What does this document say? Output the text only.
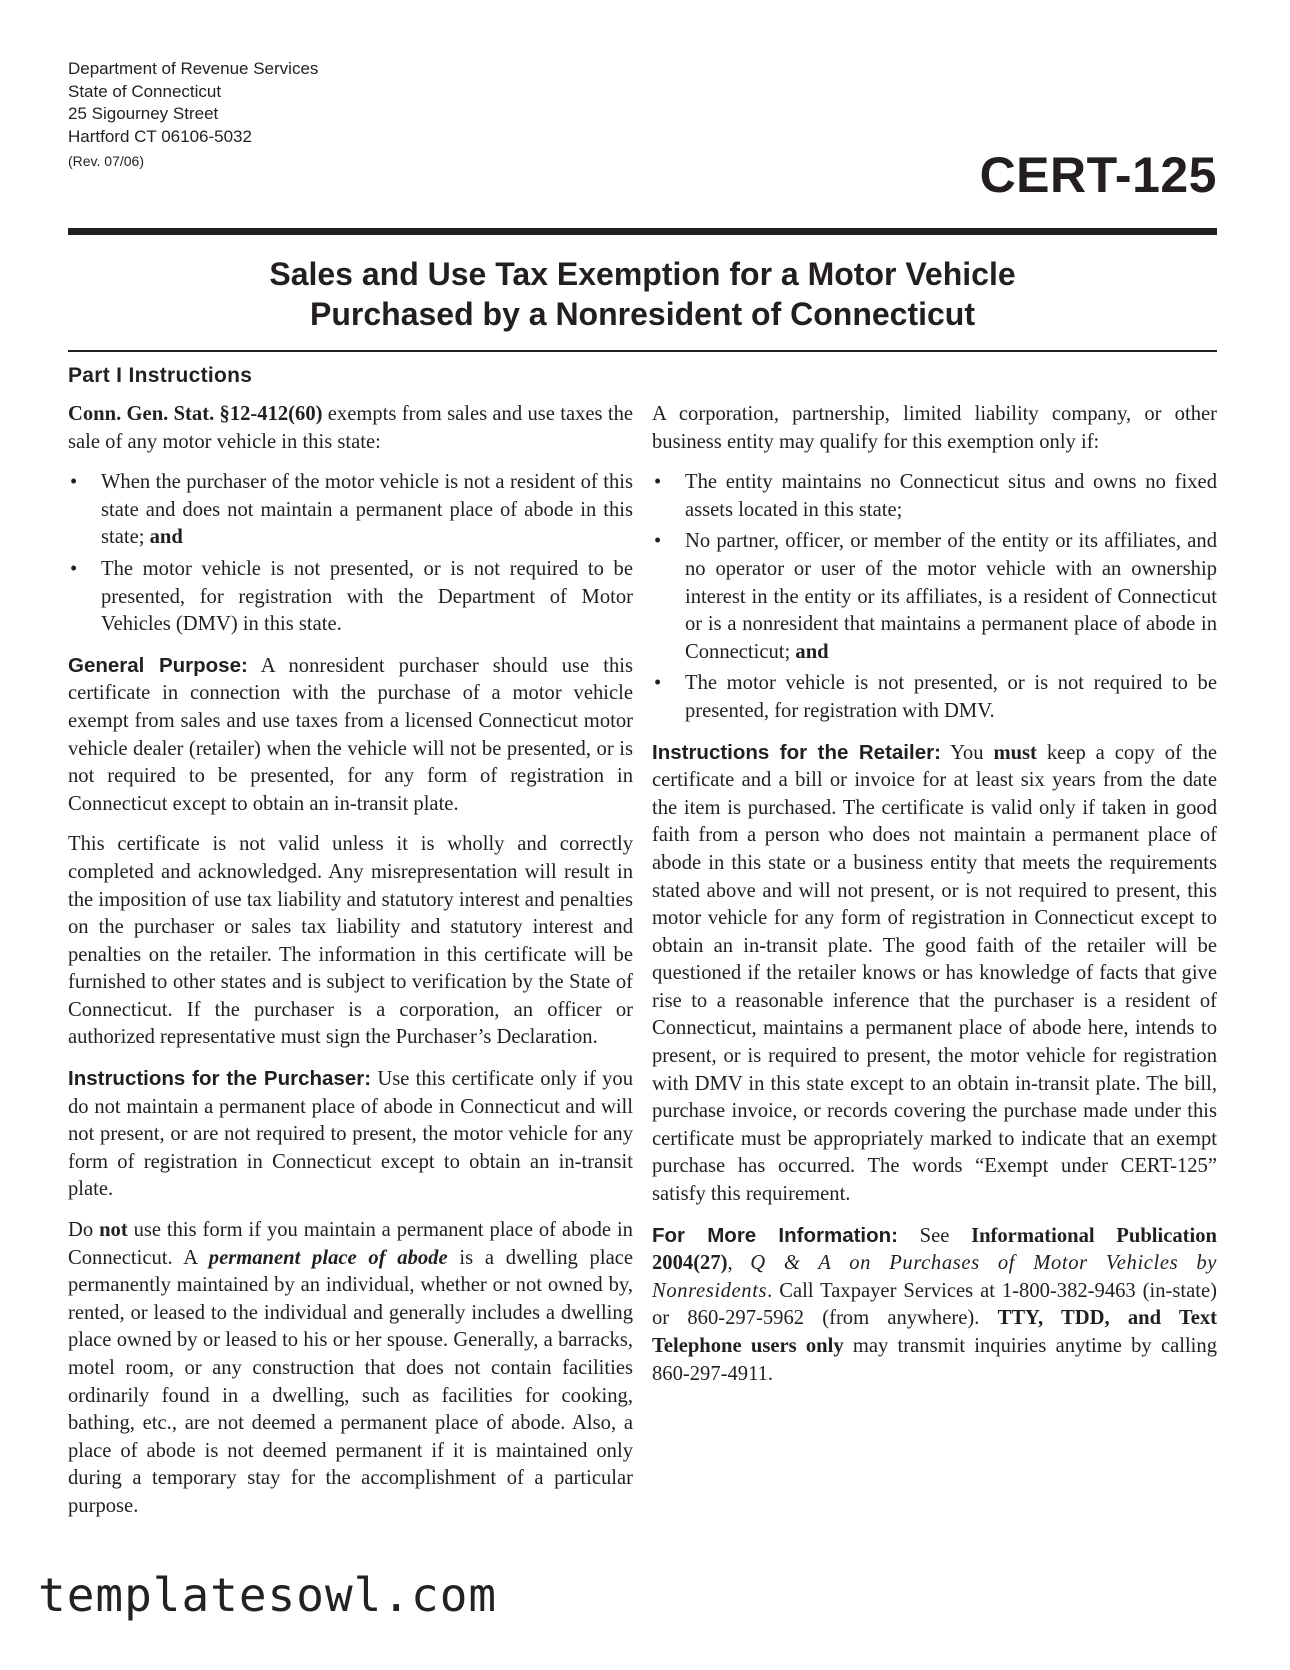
Department of Revenue Services
State of Connecticut
25 Sigourney Street
Hartford CT 06106-5032
(Rev. 07/06)	CERT-125
Sales and Use Tax Exemption for a Motor Vehicle
Purchased by a Nonresident of Connecticut
Part I Instructions

Conn. Gen. Stat. §12-412(60) exempts from sales and use taxes the sale of any motor vehicle in this state:

• When the purchaser of the motor vehicle is not a resident of this state and does not maintain a permanent place of abode in this state; and
• The motor vehicle is not presented, or is not required to be presented, for registration with the Department of Motor Vehicles (DMV) in this state.

General Purpose: A nonresident purchaser should use this certificate in connection with the purchase of a motor vehicle exempt from sales and use taxes from a licensed Connecticut motor vehicle dealer (retailer) when the vehicle will not be presented, or is not required to be presented, for any form of registration in Connecticut except to obtain an in-transit plate.

This certificate is not valid unless it is wholly and correctly completed and acknowledged. Any misrepresentation will result in the imposition of use tax liability and statutory interest and penalties on the purchaser or sales tax liability and statutory interest and penalties on the retailer. The information in this certificate will be furnished to other states and is subject to verification by the State of Connecticut. If the purchaser is a corporation, an officer or authorized representative must sign the Purchaser’s Declaration.

Instructions for the Purchaser: Use this certificate only if you do not maintain a permanent place of abode in Connecticut and will not present, or are not required to present, the motor vehicle for any form of registration in Connecticut except to obtain an in-transit plate.

Do not use this form if you maintain a permanent place of abode in Connecticut. A permanent place of abode is a dwelling place permanently maintained by an individual, whether or not owned by, rented, or leased to the individual and generally includes a dwelling place owned by or leased to his or her spouse. Generally, a barracks, motel room, or any construction that does not contain facilities ordinarily found in a dwelling, such as facilities for cooking, bathing, etc., are not deemed a permanent place of abode. Also, a place of abode is not deemed permanent if it is maintained only during a temporary stay for the accomplishment of a particular purpose.

A corporation, partnership, limited liability company, or other business entity may qualify for this exemption only if:

• The entity maintains no Connecticut situs and owns no fixed assets located in this state;
• No partner, officer, or member of the entity or its affiliates, and no operator or user of the motor vehicle with an ownership interest in the entity or its affiliates, is a resident of Connecticut or is a nonresident that maintains a permanent place of abode in Connecticut; and
• The motor vehicle is not presented, or is not required to be presented, for registration with DMV.

Instructions for the Retailer: You must keep a copy of the certificate and a bill or invoice for at least six years from the date the item is purchased. The certificate is valid only if taken in good faith from a person who does not maintain a permanent place of abode in this state or a business entity that meets the requirements stated above and will not present, or is not required to present, this motor vehicle for any form of registration in Connecticut except to obtain an in-transit plate. The good faith of the retailer will be questioned if the retailer knows or has knowledge of facts that give rise to a reasonable inference that the purchaser is a resident of Connecticut, maintains a permanent place of abode here, intends to present, or is required to present, the motor vehicle for registration with DMV in this state except to an obtain in-transit plate. The bill, purchase invoice, or records covering the purchase made under this certificate must be appropriately marked to indicate that an exempt purchase has occurred. The words “Exempt under CERT-125” satisfy this requirement.

For More Information: See Informational Publication 2004(27), Q & A on Purchases of Motor Vehicles by Nonresidents. Call Taxpayer Services at 1-800-382-9463 (in-state) or 860-297-5962 (from anywhere). TTY, TDD, and Text Telephone users only may transmit inquiries anytime by calling 860-297-4911.

templatesowl.com
